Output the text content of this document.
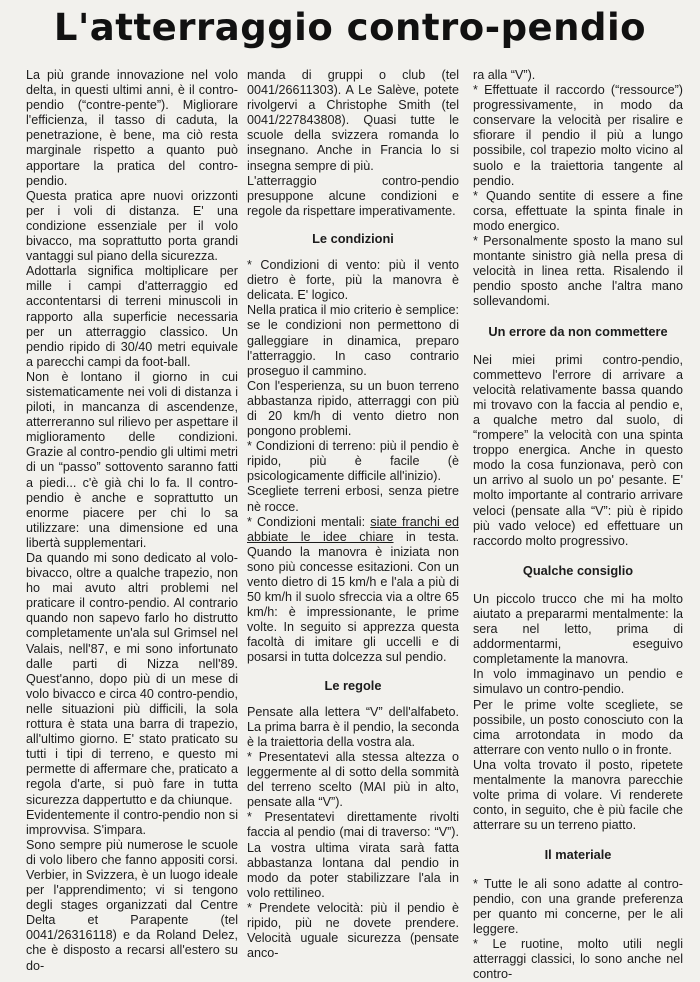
L'atterraggio contro-pendio

La più grande innovazione nel volo delta, in questi ultimi anni, è il contro-pendio (“contre-pente”). Migliorare l'efficienza, il tasso di caduta, la penetrazione, è bene, ma ciò resta marginale rispetto a quanto può apportare la pratica del contro-pendio.

Questa pratica apre nuovi orizzonti per i voli di distanza. E' una condizione essenziale per il volo bivacco, ma soprattutto porta grandi vantaggi sul piano della sicurezza.

Adottarla significa moltiplicare per mille i campi d'atterraggio ed accontentarsi di terreni minuscoli in rapporto alla superficie necessaria per un atterraggio classico. Un pendio ripido di 30/40 metri equivale a parecchi campi da foot-ball.

Non è lontano il giorno in cui sistematicamente nei voli di distanza i piloti, in mancanza di ascendenze, atterreranno sul rilievo per aspettare il miglioramento delle condizioni. Grazie al contro-pendio gli ultimi metri di un “passo” sottovento saranno fatti a piedi... c'è già chi lo fa. Il contro-pendio è anche e soprattutto un enorme piacere per chi lo sa utilizzare: una dimensione ed una libertà supplementari.

Da quando mi sono dedicato al volo-bivacco, oltre a qualche trapezio, non ho mai avuto altri problemi nel praticare il contro-pendio. Al contrario quando non sapevo farlo ho distrutto completamente un'ala sul Grimsel nel Valais, nell'87, e mi sono infortunato dalle parti di Nizza nell'89. Quest'anno, dopo più di un mese di volo bivacco e circa 40 contro-pendio, nelle situazioni più difficili, la sola rottura è stata una barra di trapezio, all'ultimo giorno. E' stato praticato su tutti i tipi di terreno, e questo mi permette di affermare che, praticato a regola d'arte, si può fare in tutta sicurezza dappertutto e da chiunque.

Evidentemente il contro-pendio non si improvvisa. S'impara.

Sono sempre più numerose le scuole di volo libero che fanno appositi corsi. Verbier, in Svizzera, è un luogo ideale per l'apprendimento; vi si tengono degli stages organizzati dal Centre Delta et Parapente (tel 0041/26316118) e da Roland Delez, che è disposto a recarsi all'estero su do-

manda di gruppi o club (tel 0041/26611303). A Le Salève, potete rivolgervi a Christophe Smith (tel 0041/227843808). Quasi tutte le scuole della svizzera romanda lo insegnano. Anche in Francia lo si insegna sempre di più.

L'atterraggio contro-pendio presuppone alcune condizioni e regole da rispettare imperativamente.

Le condizioni

* Condizioni di vento: più il vento dietro è forte, più la manovra è delicata. E' logico.

Nella pratica il mio criterio è semplice: se le condizioni non permettono di galleggiare in dinamica, preparo l'atterraggio. In caso contrario proseguo il cammino.

Con l'esperienza, su un buon terreno abbastanza ripido, atterraggi con più di 20 km/h di vento dietro non pongono problemi.

* Condizioni di terreno: più il pendio è ripido, più è facile (è psicologicamente difficile all'inizio).

Scegliete terreni erbosi, senza pietre nè rocce.

* Condizioni mentali: siate franchi ed abbiate le idee chiare in testa. Quando la manovra è iniziata non sono più concesse esitazioni. Con un vento dietro di 15 km/h e l'ala a più di 50 km/h il suolo sfreccia via a oltre 65 km/h: è impressionante, le prime volte. In seguito si apprezza questa facoltà di imitare gli uccelli e di posarsi in tutta dolcezza sul pendio.

Le regole

Pensate alla lettera “V” dell'alfabeto. La prima barra è il pendio, la seconda è la traiettoria della vostra ala.

* Presentatevi alla stessa altezza o leggermente al di sotto della sommità del terreno scelto (MAI più in alto, pensate alla “V”).

* Presentatevi direttamente rivolti faccia al pendio (mai di traverso: “V”). La vostra ultima virata sarà fatta abbastanza lontana dal pendio in modo da poter stabilizzare l'ala in volo rettilineo.

* Prendete velocità: più il pendio è ripido, più ne dovete prendere. Velocità uguale sicurezza (pensate anco-

ra alla “V”).

* Effettuate il raccordo (“ressource”) progressivamente, in modo da conservare la velocità per risalire e sfiorare il pendio il più a lungo possibile, col trapezio molto vicino al suolo e la traiettoria tangente al pendio.

* Quando sentite di essere a fine corsa, effettuate la spinta finale in modo energico.

* Personalmente sposto la mano sul montante sinistro già nella presa di velocità in linea retta. Risalendo il pendio sposto anche l'altra mano sollevandomi.

Un errore da non commettere

Nei miei primi contro-pendio, commettevo l'errore di arrivare a velocità relativamente bassa quando mi trovavo con la faccia al pendio e, a qualche metro dal suolo, di “rompere” la velocità con una spinta troppo energica. Anche in questo modo la cosa funzionava, però con un arrivo al suolo un po' pesante. E' molto importante al contrario arrivare veloci (pensate alla “V”: più è ripido più vado veloce) ed effettuare un raccordo molto progressivo.

Qualche consiglio

Un piccolo trucco che mi ha molto aiutato a prepararmi mentalmente: la sera nel letto, prima di addormentarmi, eseguivo completamente la manovra.

In volo immaginavo un pendio e simulavo un contro-pendio.

Per le prime volte scegliete, se possibile, un posto conosciuto con la cima arrotondata in modo da atterrare con vento nullo o in fronte.

Una volta trovato il posto, ripetete mentalmente la manovra parecchie volte prima di volare. Vi renderete conto, in seguito, che è più facile che atterrare su un terreno piatto.

Il materiale

* Tutte le ali sono adatte al contro-pendio, con una grande preferenza per quanto mi concerne, per le ali leggere.

* Le ruotine, molto utili negli atterraggi classici, lo sono anche nel contro-
